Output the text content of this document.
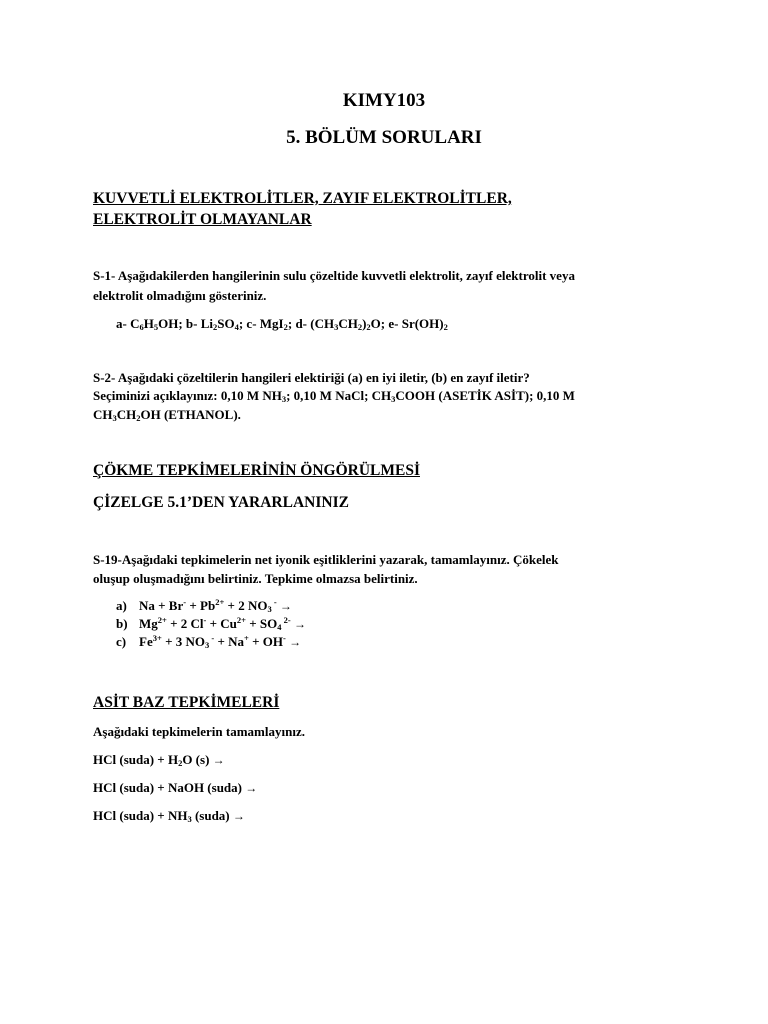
KIMY103
5. BÖLÜM SORULARI
KUVVETLİ ELEKTROLİTLER, ZAYIF ELEKTROLİTLER,
ELEKTROLİT OLMAYANLAR
S-1- Aşağıdakilerden hangilerinin sulu çözeltide kuvvetli elektrolit, zayıf elektrolit veya
elektrolit olmadığını gösteriniz.
a- $C_6H_5OH$; b- $Li_2SO_4$; c- MgI$_2$; d- $(CH_3CH_2)_2O$; e- $Sr(OH)_2$
S-2- Aşağıdaki çözeltilerin hangileri elektiriği (a) en iyi iletir, (b) en zayıf iletir?
Seçiminizi açıklayınız: 0,10 M $NH_3$; 0,10 M NaCl; $CH_3COOH$ (ASETİK ASİT); 0,10 M
$CH_3CH_2OH$ (ETHANOL).
ÇÖKME TEPKİMELERİNİN ÖNGÖRÜLMESİ
ÇİZELGE 5.1’DEN YARARLANINIZ
S-19-Aşağıdaki tepkimelerin net iyonik eşitliklerini yazarak, tamamlayınız. Çökelek
oluşup oluşmadığını belirtiniz. Tepkime olmazsa belirtiniz.
a) $Na + Br^- + Pb^{2+} + 2$ $NO_3$ - →
b) $Mg^{2+} + 2$ $Cl^- + Cu^{2+} + SO_4$ $^{2-}$ →
c) $Fe^{3+} + 3$ $NO_3$ - + Na+ + OH- →
ASİT BAZ TEPKİMELERİ
Aşağıdaki tepkimelerin tamamlayınız.
HCl (suda) + $H_2O$ (s) →
HCl (suda) + NaOH (suda) →
HCl (suda) + $NH_3$ (suda) →
